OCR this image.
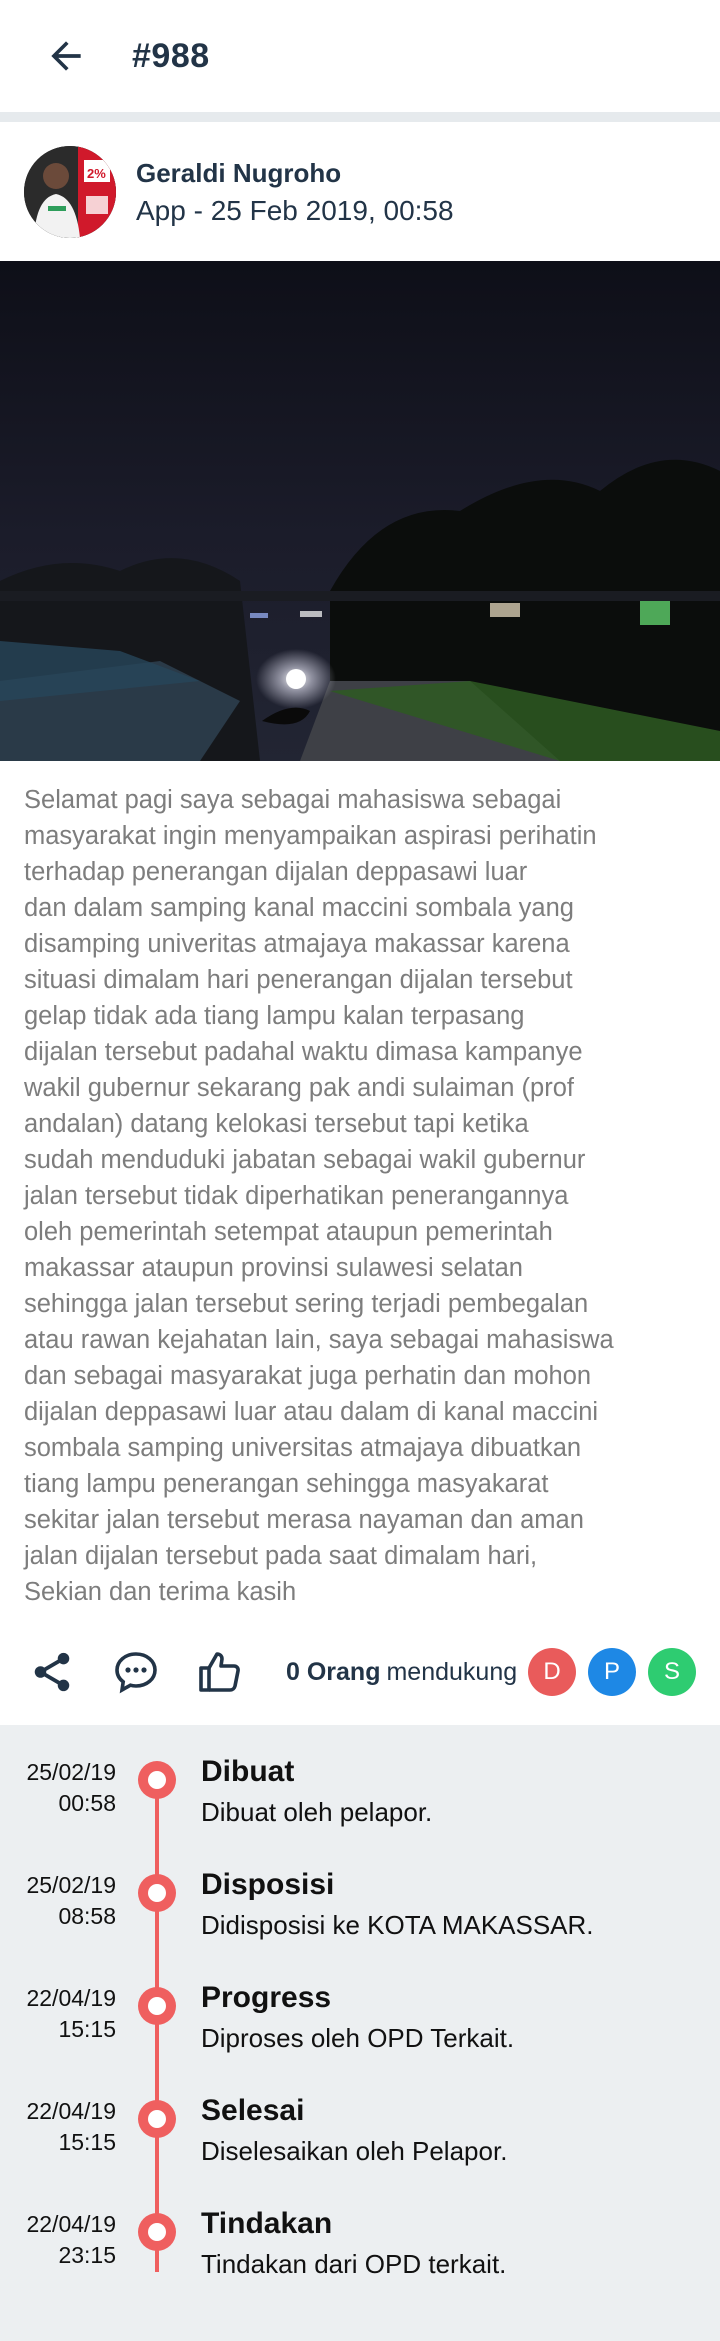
#988
2% Geraldi Nugroho
App - 25 Feb 2019, 00:58
Selamat pagi saya sebagai mahasiswa sebagai
masyarakat ingin menyampaikan aspirasi perihatin
terhadap penerangan dijalan deppasawi luar
dan dalam samping kanal maccini sombala yang
disamping univeritas atmajaya makassar karena
situasi dimalam hari penerangan dijalan tersebut
gelap tidak ada tiang lampu kalan terpasang
dijalan tersebut padahal waktu dimasa kampanye
wakil gubernur sekarang pak andi sulaiman (prof
andalan) datang kelokasi tersebut tapi ketika
sudah menduduki jabatan sebagai wakil gubernur
jalan tersebut tidak diperhatikan penerangannya
oleh pemerintah setempat ataupun pemerintah
makassar ataupun provinsi sulawesi selatan
sehingga jalan tersebut sering terjadi pembegalan
atau rawan kejahatan lain, saya sebagai mahasiswa
dan sebagai masyarakat juga perhatin dan mohon
dijalan deppasawi luar atau dalam di kanal maccini
sombala samping universitas atmajaya dibuatkan
tiang lampu penerangan sehingga masyakarat
sekitar jalan tersebut merasa nayaman dan aman
jalan dijalan tersebut pada saat dimalam hari,
Sekian dan terima kasih
0 Orang mendukung	D	P	S
25/02/19
00:58
Dibuat
Dibuat oleh pelapor.
25/02/19
08:58
Disposisi
Didisposisi ke KOTA MAKASSAR.
22/04/19
15:15
Progress
Diproses oleh OPD Terkait.
22/04/19
15:15
Selesai
Diselesaikan oleh Pelapor.
22/04/19
23:15
Tindakan
Tindakan dari OPD terkait.
